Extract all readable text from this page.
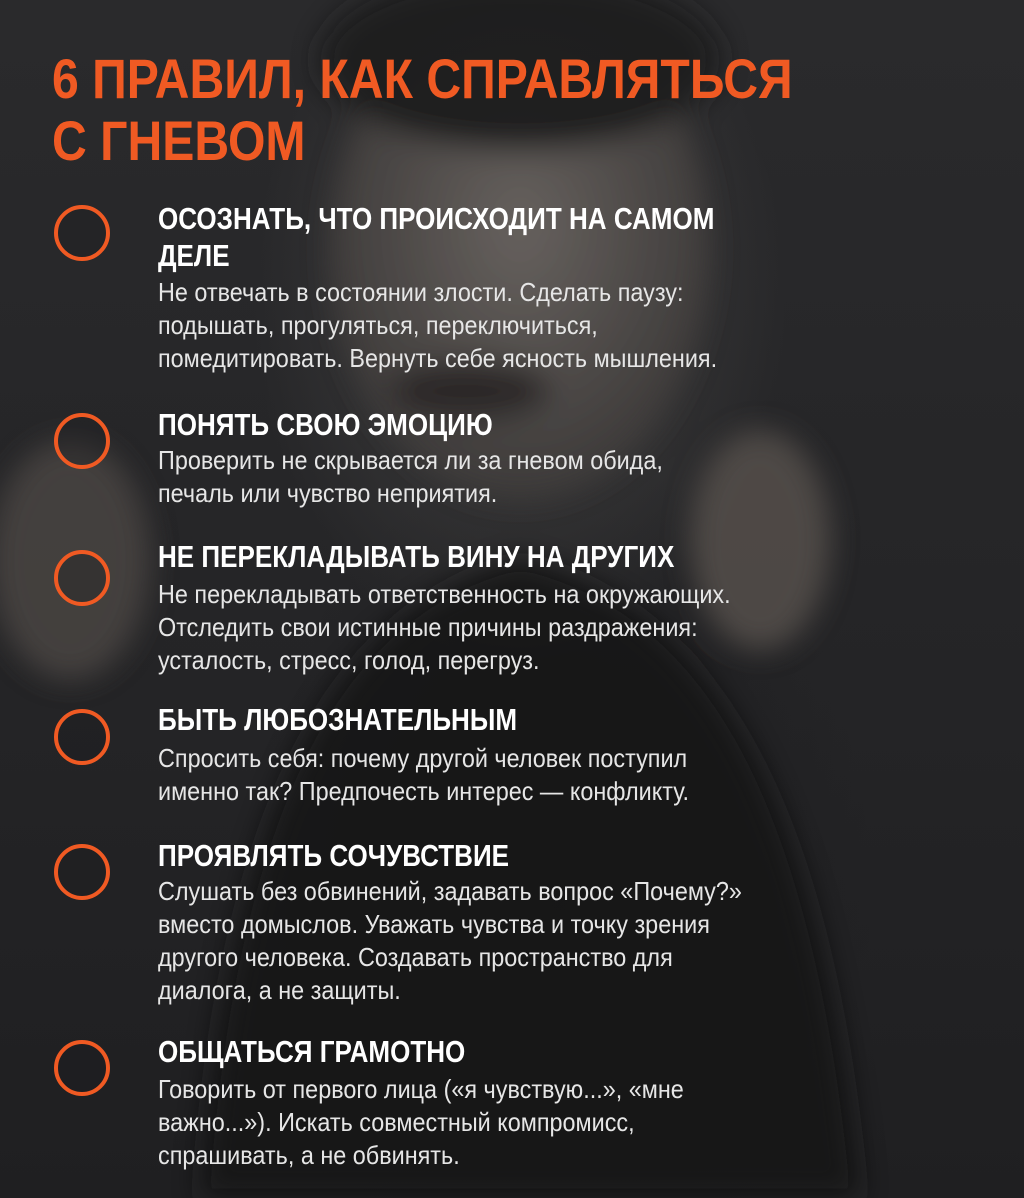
6 ПРАВИЛ, КАК СПРАВЛЯТЬСЯ
С ГНЕВОМ
ОСОЗНАТЬ, ЧТО ПРОИСХОДИТ НА САМОМ
ДЕЛЕ

Не отвечать в состоянии злости. Сделать паузу:
подышать, прогуляться, переключиться,
помедитировать. Вернуть себе ясность мышления.

ПОНЯТЬ СВОЮ ЭМОЦИЮ

Проверить не скрывается ли за гневом обида,
печаль или чувство неприятия.

НЕ ПЕРЕКЛАДЫВАТЬ ВИНУ НА ДРУГИХ

Не перекладывать ответственность на окружающих.
Отследить свои истинные причины раздражения:
усталость, стресс, голод, перегруз.

БЫТЬ ЛЮБОЗНАТЕЛЬНЫМ

Спросить себя: почему другой человек поступил
именно так? Предпочесть интерес — конфликту.

ПРОЯВЛЯТЬ СОЧУВСТВИЕ

Слушать без обвинений, задавать вопрос «Почему?»
вместо домыслов. Уважать чувства и точку зрения
другого человека. Создавать пространство для
диалога, а не защиты.

ОБЩАТЬСЯ ГРАМОТНО

Говорить от первого лица («я чувствую...», «мне
важно...»). Искать совместный компромисс,
спрашивать, а не обвинять.
